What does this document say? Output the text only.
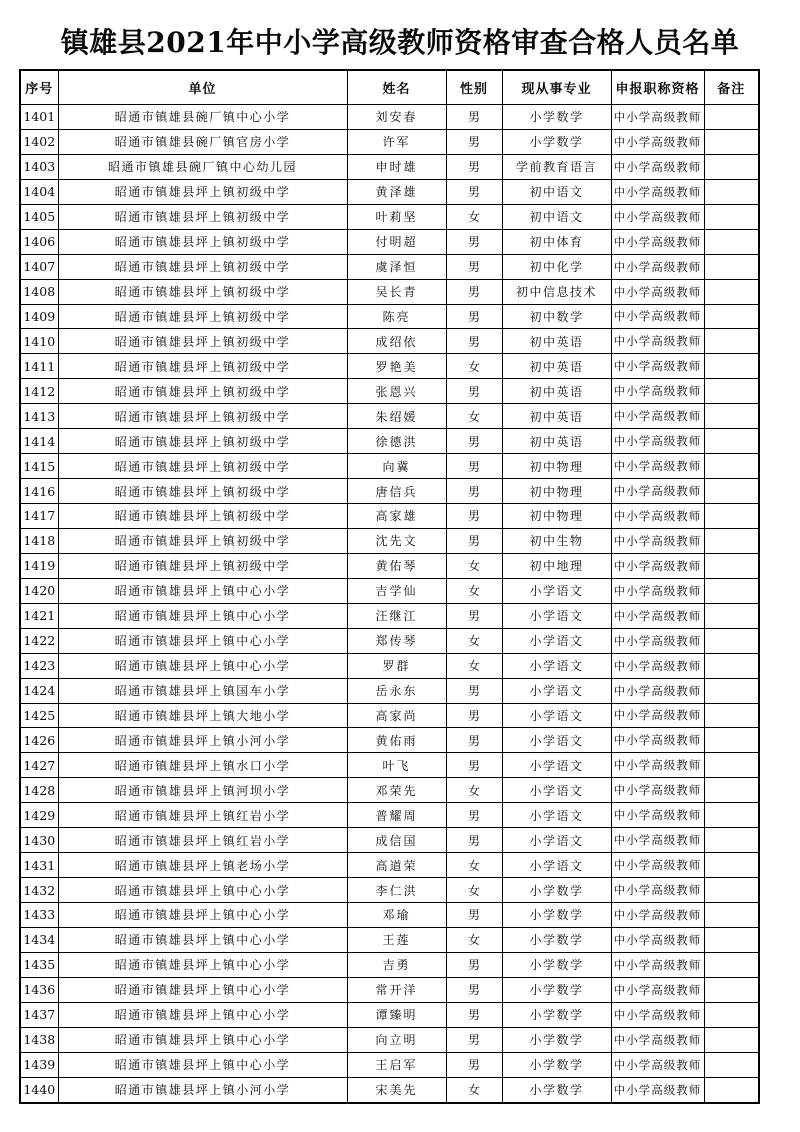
镇雄县2021年中小学高级教师资格审查合格人员名单
序号	单位	姓名	性别	现从事专业	申报职称资格	备注
1401	昭通市镇雄县碗厂镇中心小学	刘安春	男	小学数学	中小学高级教师	
1402	昭通市镇雄县碗厂镇官房小学	许军	男	小学数学	中小学高级教师	
1403	昭通市镇雄县碗厂镇中心幼儿园	申时雄	男	学前教育语言	中小学高级教师	
1404	昭通市镇雄县坪上镇初级中学	黄泽雄	男	初中语文	中小学高级教师	
1405	昭通市镇雄县坪上镇初级中学	叶莉坚	女	初中语文	中小学高级教师	
1406	昭通市镇雄县坪上镇初级中学	付明超	男	初中体育	中小学高级教师	
1407	昭通市镇雄县坪上镇初级中学	虞泽恒	男	初中化学	中小学高级教师	
1408	昭通市镇雄县坪上镇初级中学	吴长青	男	初中信息技术	中小学高级教师	
1409	昭通市镇雄县坪上镇初级中学	陈亮	男	初中数学	中小学高级教师	
1410	昭通市镇雄县坪上镇初级中学	成绍依	男	初中英语	中小学高级教师	
1411	昭通市镇雄县坪上镇初级中学	罗艳美	女	初中英语	中小学高级教师	
1412	昭通市镇雄县坪上镇初级中学	张恩兴	男	初中英语	中小学高级教师	
1413	昭通市镇雄县坪上镇初级中学	朱绍媛	女	初中英语	中小学高级教师	
1414	昭通市镇雄县坪上镇初级中学	徐德洪	男	初中英语	中小学高级教师	
1415	昭通市镇雄县坪上镇初级中学	向冀	男	初中物理	中小学高级教师	
1416	昭通市镇雄县坪上镇初级中学	唐信兵	男	初中物理	中小学高级教师	
1417	昭通市镇雄县坪上镇初级中学	高家雄	男	初中物理	中小学高级教师	
1418	昭通市镇雄县坪上镇初级中学	沈先文	男	初中生物	中小学高级教师	
1419	昭通市镇雄县坪上镇初级中学	黄佑琴	女	初中地理	中小学高级教师	
1420	昭通市镇雄县坪上镇中心小学	吉学仙	女	小学语文	中小学高级教师	
1421	昭通市镇雄县坪上镇中心小学	汪继江	男	小学语文	中小学高级教师	
1422	昭通市镇雄县坪上镇中心小学	郑传琴	女	小学语文	中小学高级教师	
1423	昭通市镇雄县坪上镇中心小学	罗群	女	小学语文	中小学高级教师	
1424	昭通市镇雄县坪上镇国车小学	岳永东	男	小学语文	中小学高级教师	
1425	昭通市镇雄县坪上镇大地小学	高家尚	男	小学语文	中小学高级教师	
1426	昭通市镇雄县坪上镇小河小学	黄佑雨	男	小学语文	中小学高级教师	
1427	昭通市镇雄县坪上镇水口小学	叶飞	男	小学语文	中小学高级教师	
1428	昭通市镇雄县坪上镇河坝小学	邓荣先	女	小学语文	中小学高级教师	
1429	昭通市镇雄县坪上镇红岩小学	普耀周	男	小学语文	中小学高级教师	
1430	昭通市镇雄县坪上镇红岩小学	成信国	男	小学语文	中小学高级教师	
1431	昭通市镇雄县坪上镇老场小学	高道荣	女	小学语文	中小学高级教师	
1432	昭通市镇雄县坪上镇中心小学	李仁洪	女	小学数学	中小学高级教师	
1433	昭通市镇雄县坪上镇中心小学	邓瑜	男	小学数学	中小学高级教师	
1434	昭通市镇雄县坪上镇中心小学	王莲	女	小学数学	中小学高级教师	
1435	昭通市镇雄县坪上镇中心小学	吉勇	男	小学数学	中小学高级教师	
1436	昭通市镇雄县坪上镇中心小学	常开洋	男	小学数学	中小学高级教师	
1437	昭通市镇雄县坪上镇中心小学	谭臻明	男	小学数学	中小学高级教师	
1438	昭通市镇雄县坪上镇中心小学	向立明	男	小学数学	中小学高级教师	
1439	昭通市镇雄县坪上镇中心小学	王启军	男	小学数学	中小学高级教师	
1440	昭通市镇雄县坪上镇小河小学	宋美先	女	小学数学	中小学高级教师	
